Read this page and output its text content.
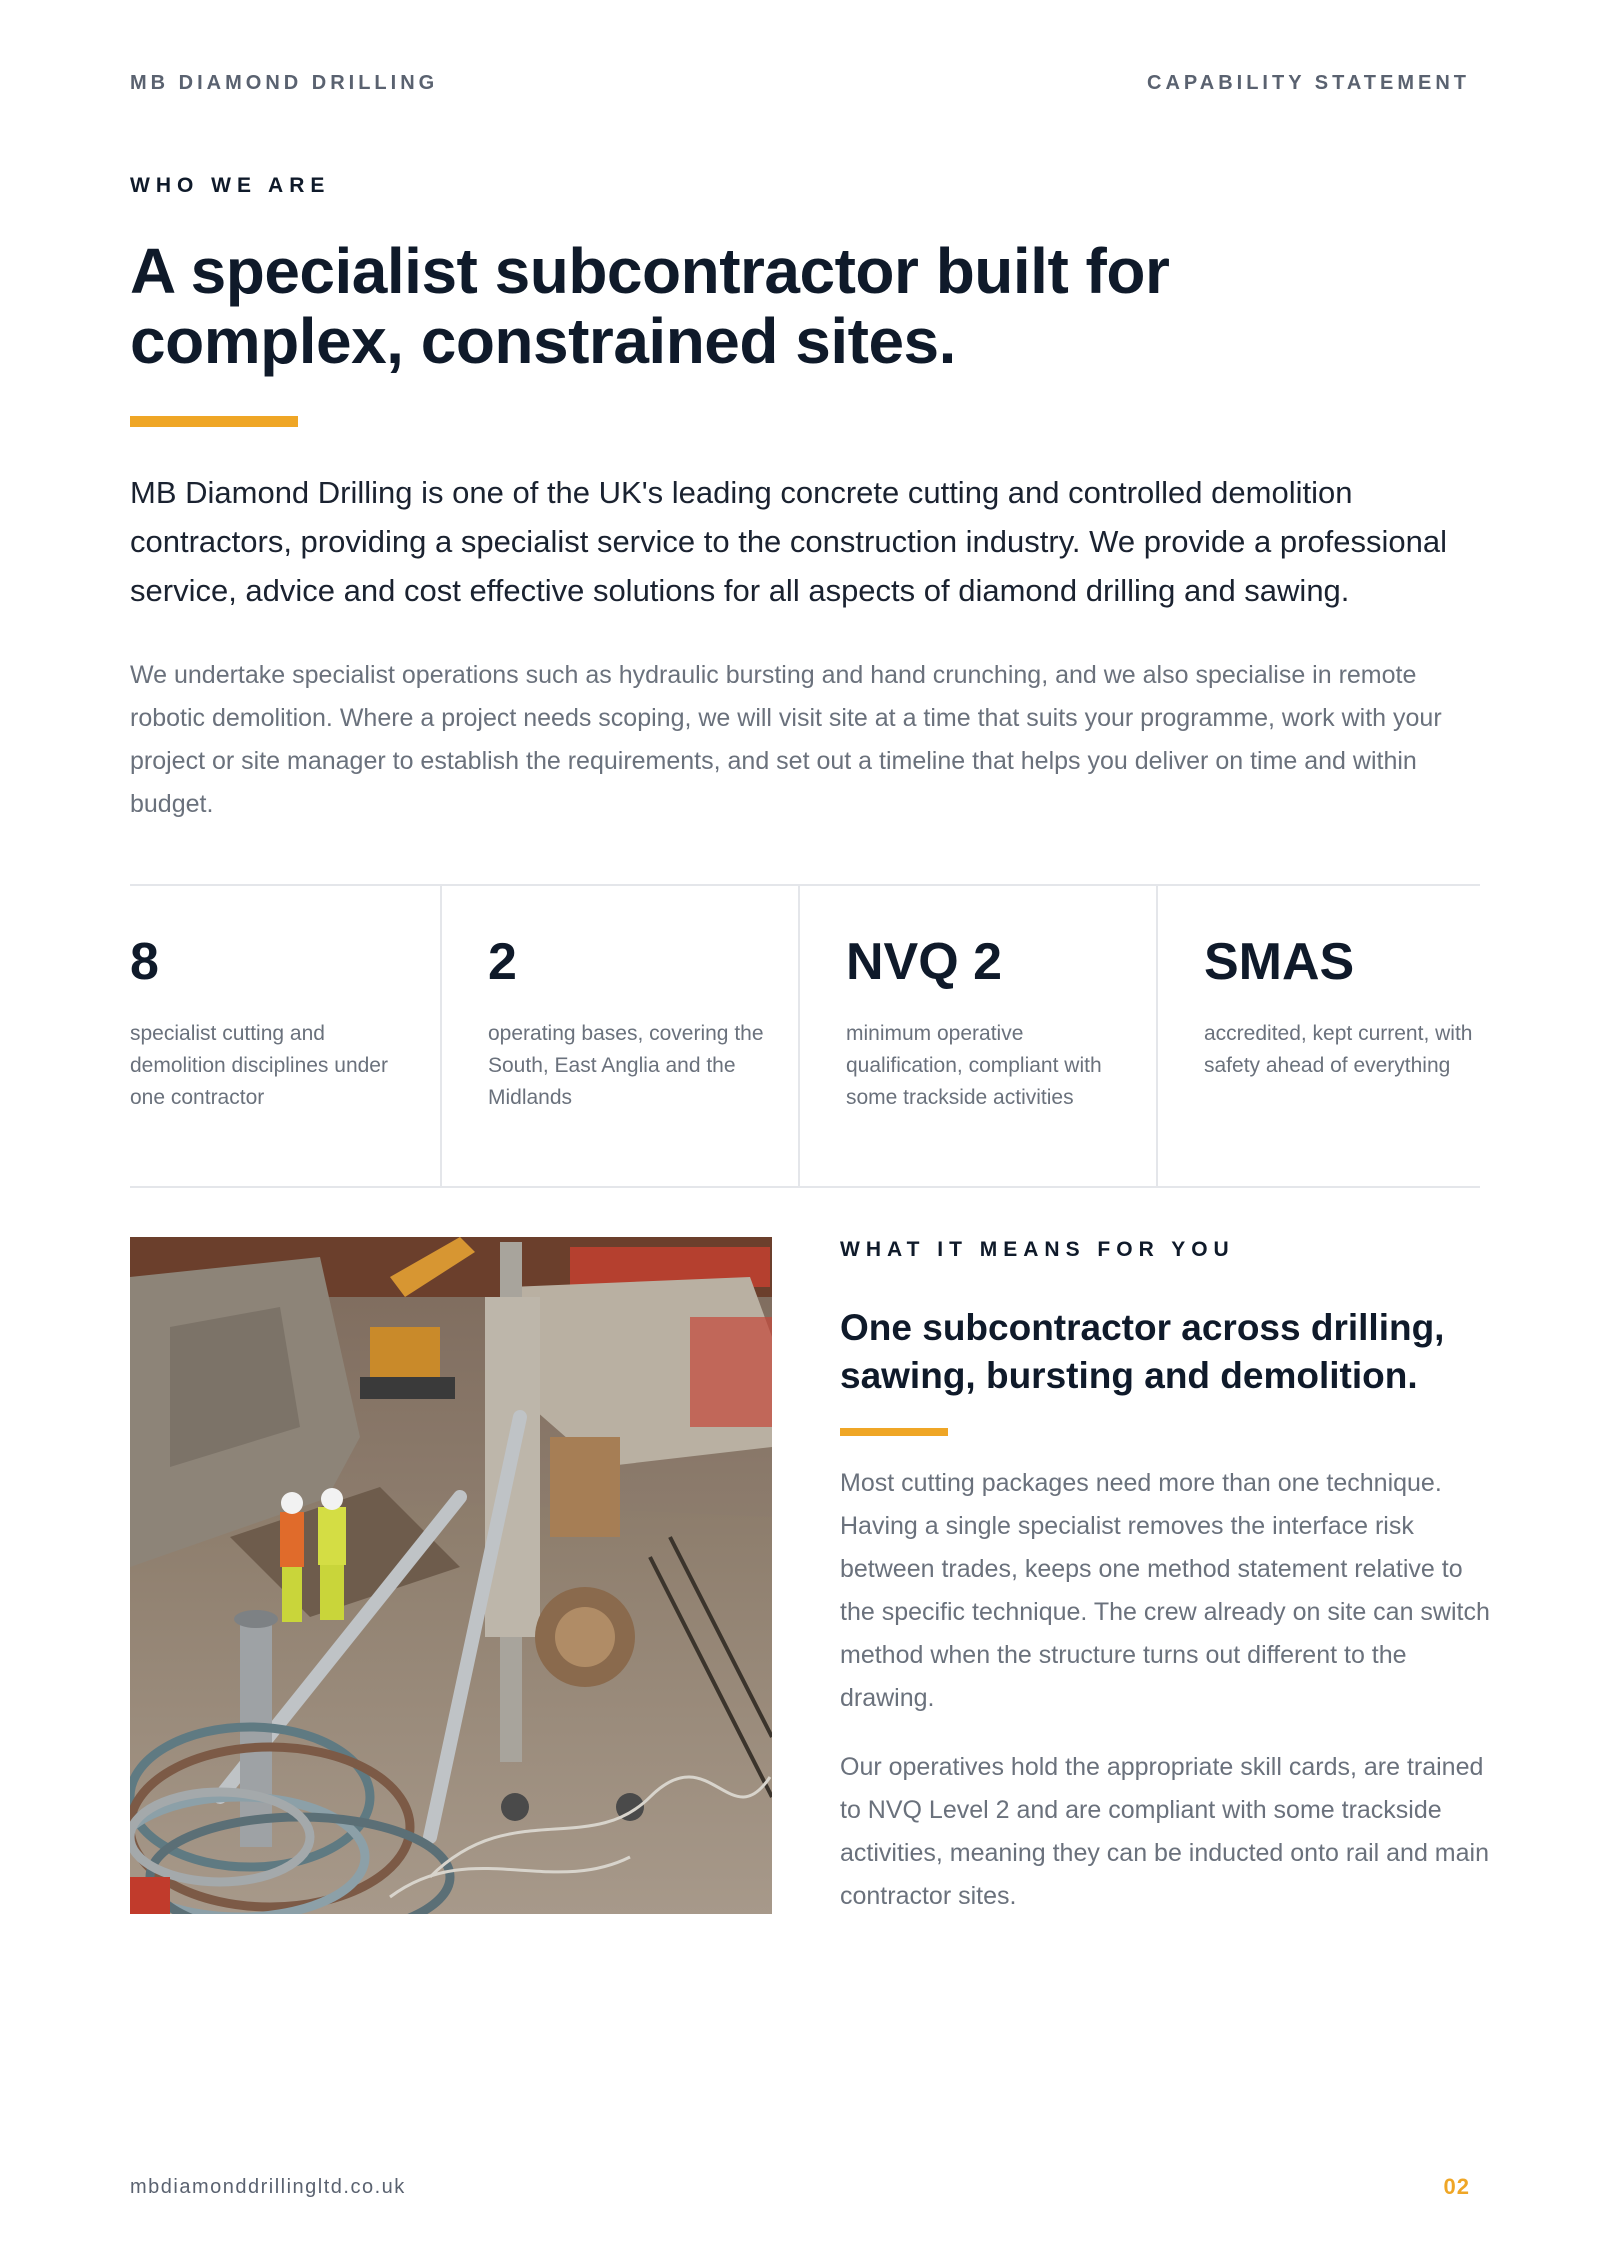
MB DIAMOND DRILLING	CAPABILITY STATEMENT
WHO WE ARE
A specialist subcontractor built for
complex, constrained sites.

MB Diamond Drilling is one of the UK's leading concrete cutting and controlled demolition contractors, providing a specialist service to the construction industry. We provide a professional service, advice and cost effective solutions for all aspects of diamond drilling and sawing.

We undertake specialist operations such as hydraulic bursting and hand crunching, and we also specialise in remote robotic demolition. Where a project needs scoping, we will visit site at a time that suits your programme, work with your project or site manager to establish the requirements, and set out a timeline that helps you deliver on time and within budget.

8
specialist cutting and demolition disciplines under one contractor
2
operating bases, covering the South, East Anglia and the Midlands
NVQ 2
minimum operative qualification, compliant with some trackside activities
SMAS
accredited, kept current, with safety ahead of everything
WHAT IT MEANS FOR YOU
One subcontractor across drilling, sawing, bursting and demolition.

Most cutting packages need more than one technique. Having a single specialist removes the interface risk between trades, keeps one method statement relative to the specific technique. The crew already on site can switch method when the structure turns out different to the drawing.

Our operatives hold the appropriate skill cards, are trained to NVQ Level 2 and are compliant with some trackside activities, meaning they can be inducted onto rail and main contractor sites.

mbdiamonddrillingltd.co.uk	02
